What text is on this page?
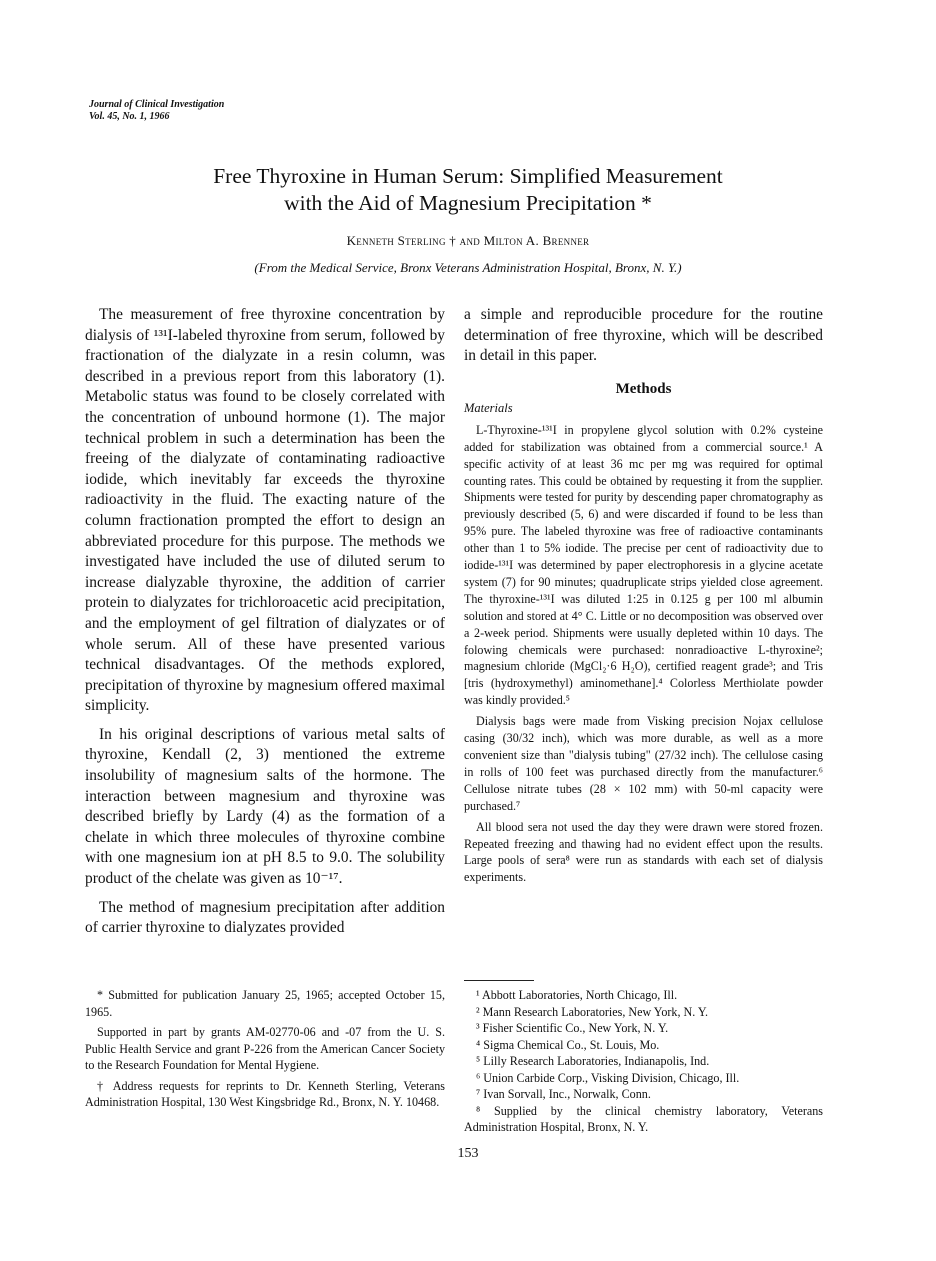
Journal of Clinical Investigation
Vol. 45, No. 1, 1966
Free Thyroxine in Human Serum: Simplified Measurement
with the Aid of Magnesium Precipitation *
Kenneth Sterling † and Milton A. Brenner
(From the Medical Service, Bronx Veterans Administration Hospital, Bronx, N. Y.)

The measurement of free thyroxine concentration by dialysis of ¹³¹I-labeled thyroxine from serum, followed by fractionation of the dialyzate in a resin column, was described in a previous report from this laboratory (1). Metabolic status was found to be closely correlated with the concentration of unbound hormone (1). The major technical problem in such a determination has been the freeing of the dialyzate of contaminating radioactive iodide, which inevitably far exceeds the thyroxine radioactivity in the fluid. The exacting nature of the column fractionation prompted the effort to design an abbreviated procedure for this purpose. The methods we investigated have included the use of diluted serum to increase dialyzable thyroxine, the addition of carrier protein to dialyzates for trichloroacetic acid precipitation, and the employment of gel filtration of dialyzates or of whole serum. All of these have presented various technical disadvantages. Of the methods explored, precipitation of thyroxine by magnesium offered maximal simplicity.

In his original descriptions of various metal salts of thyroxine, Kendall (2, 3) mentioned the extreme insolubility of magnesium salts of the hormone. The interaction between magnesium and thyroxine was described briefly by Lardy (4) as the formation of a chelate in which three molecules of thyroxine combine with one magnesium ion at pH 8.5 to 9.0. The solubility product of the chelate was given as 10⁻¹⁷.

The method of magnesium precipitation after addition of carrier thyroxine to dialyzates provided

a simple and reproducible procedure for the routine determination of free thyroxine, which will be described in detail in this paper.

Methods
Materials

L-Thyroxine-¹³¹I in propylene glycol solution with 0.2% cysteine added for stabilization was obtained from a commercial source.¹ A specific activity of at least 36 mc per mg was required for optimal counting rates. This could be obtained by requesting it from the supplier. Shipments were tested for purity by descending paper chromatography as previously described (5, 6) and were discarded if found to be less than 95% pure. The labeled thyroxine was free of radioactive contaminants other than 1 to 5% iodide. The precise per cent of radioactivity due to iodide-¹³¹I was determined by paper electrophoresis in a glycine acetate system (7) for 90 minutes; quadruplicate strips yielded close agreement. The thyroxine-¹³¹I was diluted 1:25 in 0.125 g per 100 ml albumin solution and stored at 4° C. Little or no decomposition was observed over a 2-week period. Shipments were usually depleted within 10 days. The folowing chemicals were purchased: nonradioactive L-thyroxine²; magnesium chloride (MgCl₂·6 H₂O), certified reagent grade³; and Tris [tris (hydroxymethyl) aminomethane].⁴ Colorless Merthiolate powder was kindly provided.⁵

Dialysis bags were made from Visking precision Nojax cellulose casing (30/32 inch), which was more durable, as well as a more convenient size than "dialysis tubing" (27/32 inch). The cellulose casing in rolls of 100 feet was purchased directly from the manufacturer.⁶ Cellulose nitrate tubes (28 × 102 mm) with 50-ml capacity were purchased.⁷

All blood sera not used the day they were drawn were stored frozen. Repeated freezing and thawing had no evident effect upon the results. Large pools of sera⁸ were run as standards with each set of dialysis experiments.

* Submitted for publication January 25, 1965; accepted October 15, 1965.

Supported in part by grants AM-02770-06 and -07 from the U. S. Public Health Service and grant P-226 from the American Cancer Society to the Research Foundation for Mental Hygiene.

† Address requests for reprints to Dr. Kenneth Sterling, Veterans Administration Hospital, 130 West Kingsbridge Rd., Bronx, N. Y. 10468.

¹ Abbott Laboratories, North Chicago, Ill.

² Mann Research Laboratories, New York, N. Y.

³ Fisher Scientific Co., New York, N. Y.

⁴ Sigma Chemical Co., St. Louis, Mo.

⁵ Lilly Research Laboratories, Indianapolis, Ind.

⁶ Union Carbide Corp., Visking Division, Chicago, Ill.

⁷ Ivan Sorvall, Inc., Norwalk, Conn.

⁸ Supplied by the clinical chemistry laboratory, Veterans Administration Hospital, Bronx, N. Y.

153
